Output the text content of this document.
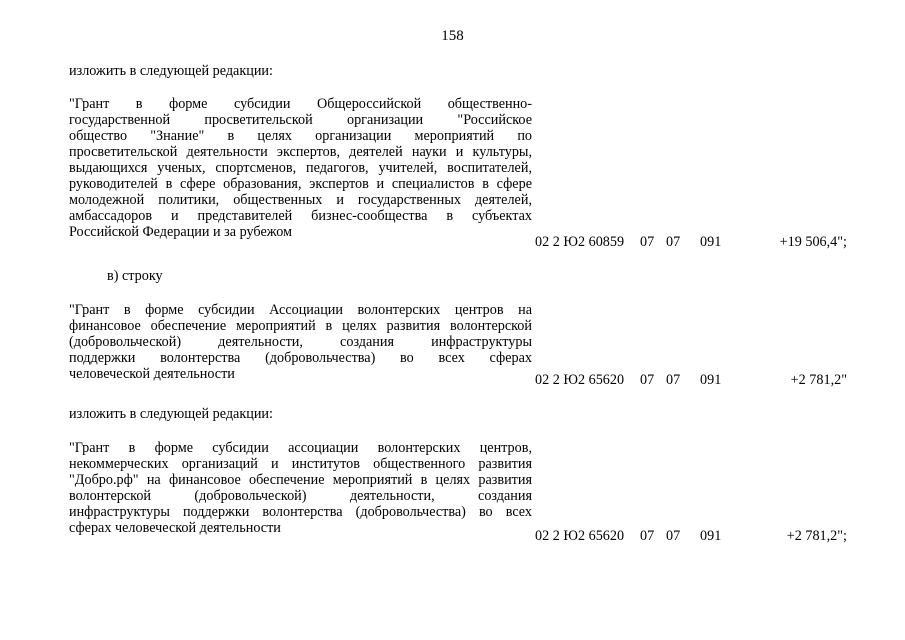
158
изложить в следующей редакции:
"Грант в форме субсидии Общероссийской общественно-
государственной просветительской организации "Российское
общество "Знание" в целях организации мероприятий по
просветительской деятельности экспертов, деятелей науки и культуры,
выдающихся ученых, спортсменов, педагогов, учителей, воспитателей,
руководителей в сфере образования, экспертов и специалистов в сфере
молодежной политики, общественных и государственных деятелей,
амбассадоров и представителей бизнес-сообщества в субъектах
Российской Федерации и за рубежом
02 2 Ю2 60859 07 07 091	+19 506,4";
в) строку
"Грант в форме субсидии Ассоциации волонтерских центров на
финансовое обеспечение мероприятий в целях развития волонтерской
(добровольческой) деятельности, создания инфраструктуры
поддержки волонтерства (добровольчества) во всех сферах
человеческой деятельности	02 2 Ю2 65620 07 07 091	+2 781,2"
изложить в следующей редакции:
"Грант в форме субсидии ассоциации волонтерских центров,
некоммерческих организаций и институтов общественного развития
"Добро.рф" на финансовое обеспечение мероприятий в целях развития
волонтерской (добровольческой) деятельности, создания
инфраструктуры поддержки волонтерства (добровольчества) во всех
сферах человеческой деятельности	02 2 Ю2 65620 07 07 091	+2 781,2";
